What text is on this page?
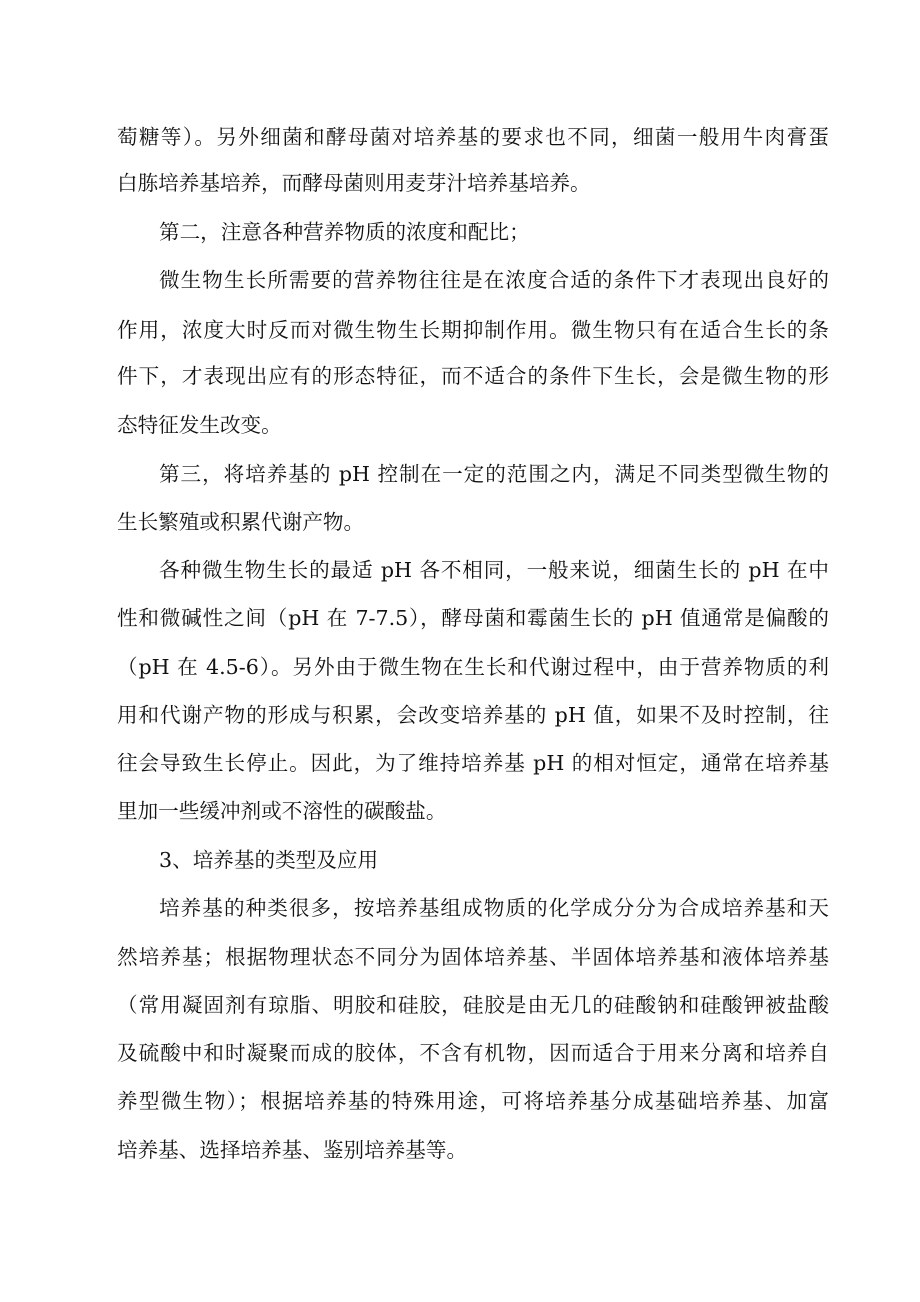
萄糖等）。另外细菌和酵母菌对培养基的要求也不同，细菌一般用牛肉膏蛋
白胨培养基培养，而酵母菌则用麦芽汁培养基培养。
第二，注意各种营养物质的浓度和配比；
微生物生长所需要的营养物往往是在浓度合适的条件下才表现出良好的
作用，浓度大时反而对微生物生长期抑制作用。微生物只有在适合生长的条
件下，才表现出应有的形态特征，而不适合的条件下生长，会是微生物的形
态特征发生改变。
第三，将培养基的 pH 控制在一定的范围之内，满足不同类型微生物的
生长繁殖或积累代谢产物。
各种微生物生长的最适 pH 各不相同，一般来说，细菌生长的 pH 在中
性和微碱性之间（pH 在 7-7.5），酵母菌和霉菌生长的 pH 值通常是偏酸的
（pH 在 4.5-6）。另外由于微生物在生长和代谢过程中，由于营养物质的利
用和代谢产物的形成与积累，会改变培养基的 pH 值，如果不及时控制，往
往会导致生长停止。因此，为了维持培养基 pH 的相对恒定，通常在培养基
里加一些缓冲剂或不溶性的碳酸盐。
3、培养基的类型及应用
培养基的种类很多，按培养基组成物质的化学成分分为合成培养基和天
然培养基；根据物理状态不同分为固体培养基、半固体培养基和液体培养基
（常用凝固剂有琼脂、明胶和硅胶，硅胶是由无几的硅酸钠和硅酸钾被盐酸
及硫酸中和时凝聚而成的胶体，不含有机物，因而适合于用来分离和培养自
养型微生物）；根据培养基的特殊用途，可将培养基分成基础培养基、加富
培养基、选择培养基、鉴别培养基等。
